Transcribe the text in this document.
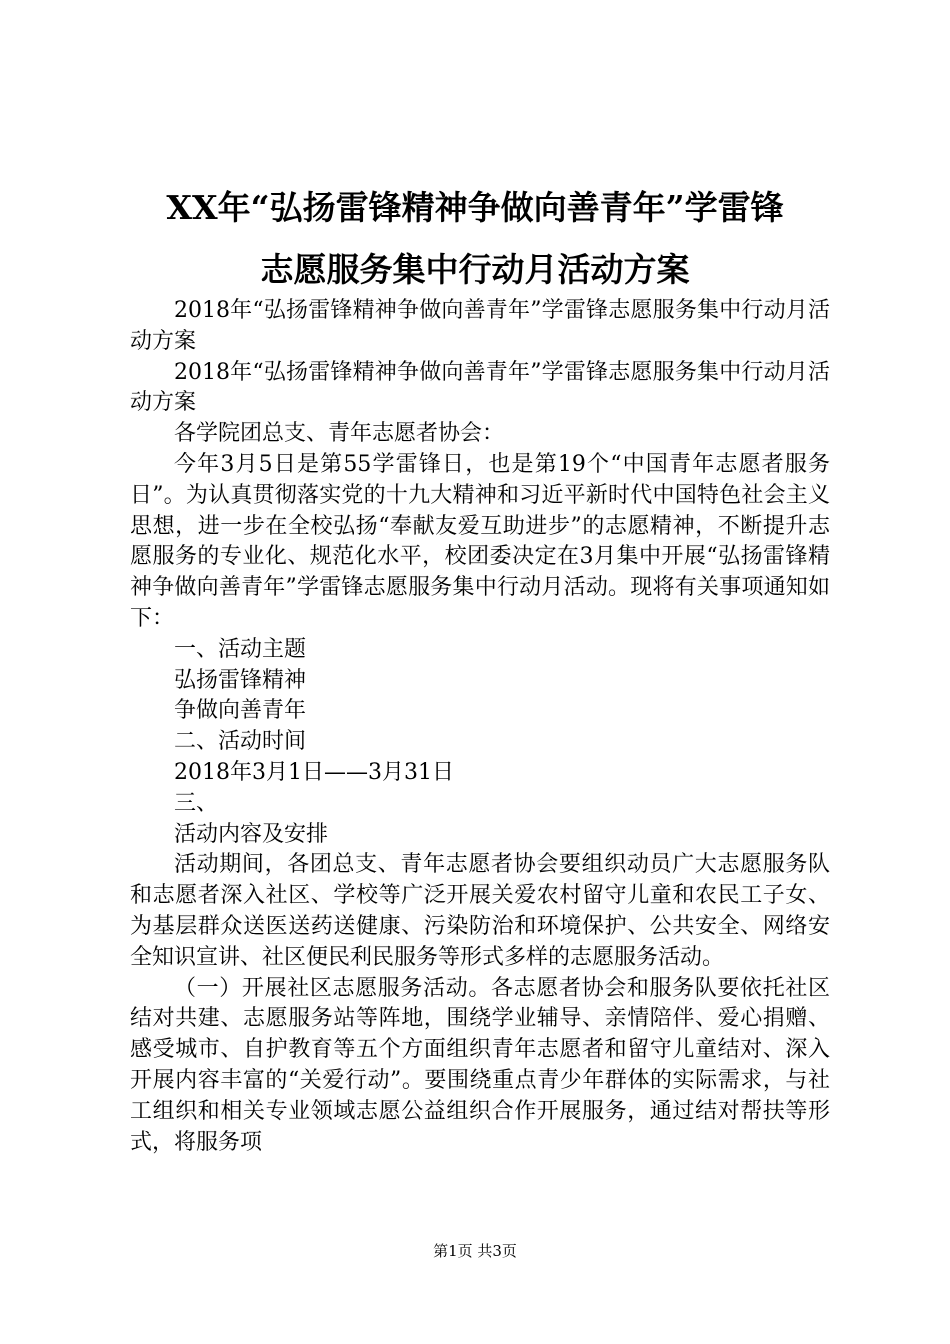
XX年“弘扬雷锋精神争做向善青年”学雷锋
志愿服务集中行动月活动方案

2018年“弘扬雷锋精神争做向善青年”学雷锋志愿服务集中行动月活动方案

2018年“弘扬雷锋精神争做向善青年”学雷锋志愿服务集中行动月活动方案

各学院团总支、青年志愿者协会：

今年3月5日是第55学雷锋日，也是第19个“中国青年志愿者服务日”。为认真贯彻落实党的十九大精神和习近平新时代中国特色社会主义思想，进一步在全校弘扬“奉献友爱互助进步”的志愿精神，不断提升志愿服务的专业化、规范化水平，校团委决定在3月集中开展“弘扬雷锋精神争做向善青年”学雷锋志愿服务集中行动月活动。现将有关事项通知如下：

一、活动主题

弘扬雷锋精神

争做向善青年

二、活动时间

2018年3月1日——3月31日

三、

活动内容及安排

活动期间，各团总支、青年志愿者协会要组织动员广大志愿服务队和志愿者深入社区、学校等广泛开展关爱农村留守儿童和农民工子女、为基层群众送医送药送健康、污染防治和环境保护、公共安全、网络安全知识宣讲、社区便民利民服务等形式多样的志愿服务活动。

（一）开展社区志愿服务活动。各志愿者协会和服务队要依托社区结对共建、志愿服务站等阵地，围绕学业辅导、亲情陪伴、爱心捐赠、感受城市、自护教育等五个方面组织青年志愿者和留守儿童结对、深入开展内容丰富的“关爱行动”。要围绕重点青少年群体的实际需求，与社工组织和相关专业领域志愿公益组织合作开展服务，通过结对帮扶等形式，将服务项

第1页 共3页
